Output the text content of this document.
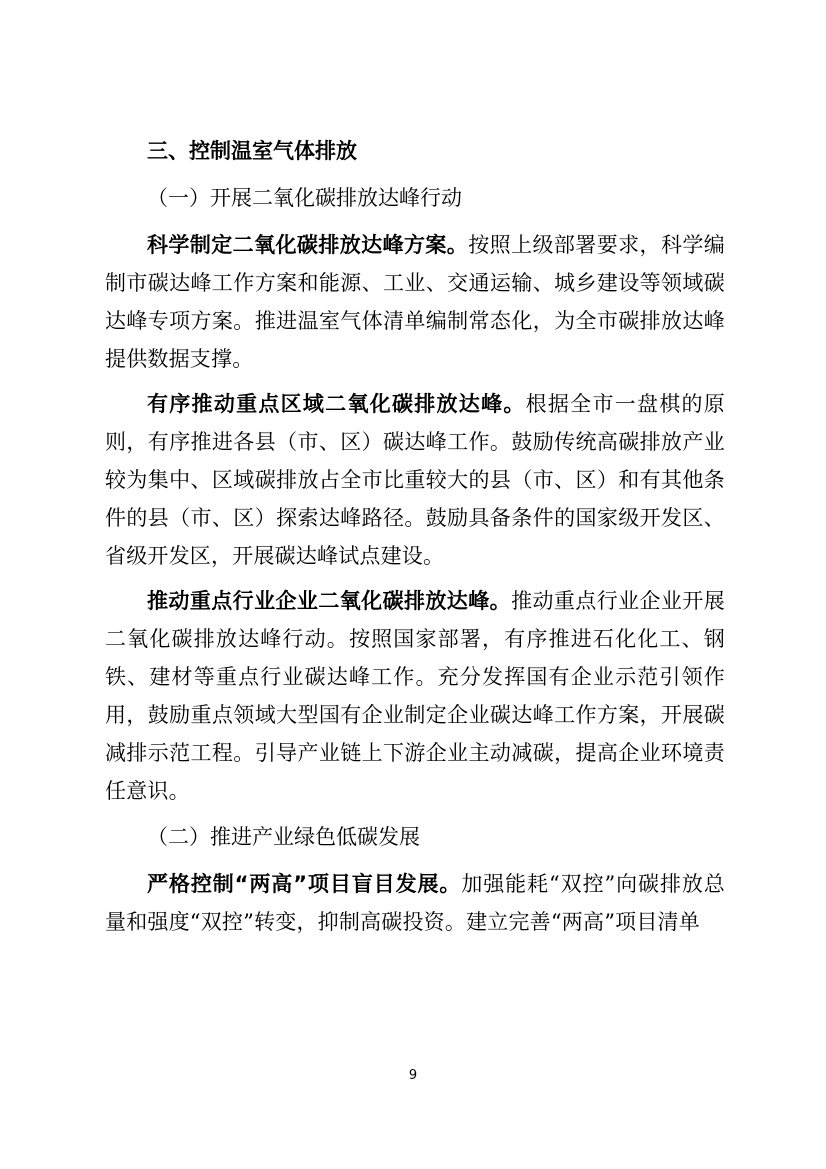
三、控制温室气体排放
（一）开展二氧化碳排放达峰行动

科学制定二氧化碳排放达峰方案。按照上级部署要求，科学编制市碳达峰工作方案和能源、工业、交通运输、城乡建设等领域碳达峰专项方案。推进温室气体清单编制常态化，为全市碳排放达峰提供数据支撑。

有序推动重点区域二氧化碳排放达峰。根据全市一盘棋的原则，有序推进各县（市、区）碳达峰工作。鼓励传统高碳排放产业较为集中、区域碳排放占全市比重较大的县（市、区）和有其他条件的县（市、区）探索达峰路径。鼓励具备条件的国家级开发区、省级开发区，开展碳达峰试点建设。

推动重点行业企业二氧化碳排放达峰。推动重点行业企业开展二氧化碳排放达峰行动。按照国家部署，有序推进石化化工、钢铁、建材等重点行业碳达峰工作。充分发挥国有企业示范引领作用，鼓励重点领域大型国有企业制定企业碳达峰工作方案，开展碳减排示范工程。引导产业链上下游企业主动减碳，提高企业环境责任意识。

（二）推进产业绿色低碳发展

严格控制“两高”项目盲目发展。加强能耗“双控”向碳排放总量和强度“双控”转变，抑制高碳投资。建立完善“两高”项目清单

9
